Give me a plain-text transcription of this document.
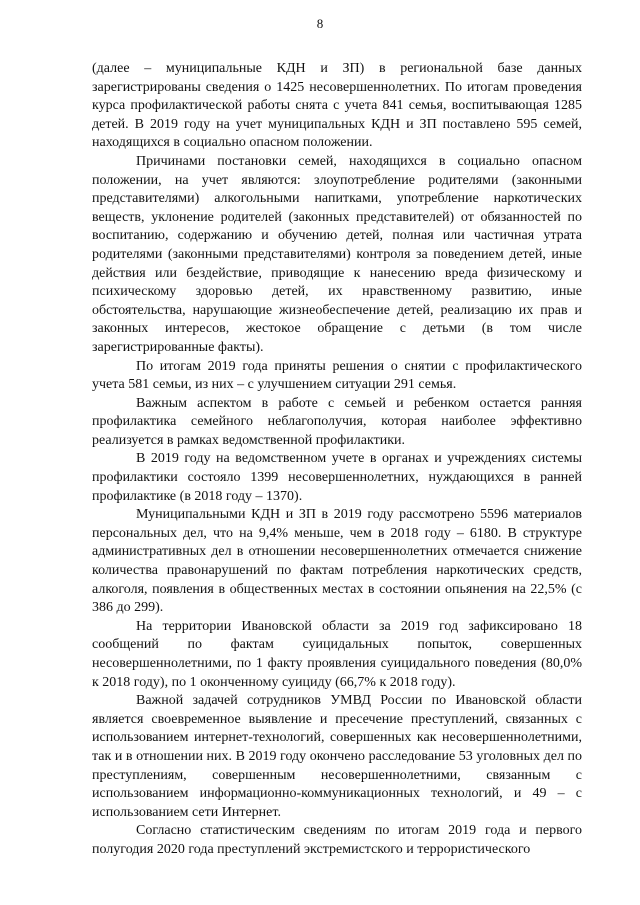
8

(далее – муниципальные КДН и ЗП) в региональной базе данных зарегистрированы сведения о 1425 несовершеннолетних. По итогам проведения курса профилактической работы снята с учета 841 семья, воспитывающая 1285 детей. В 2019 году на учет муниципальных КДН и ЗП поставлено 595 семей, находящихся в социально опасном положении.

Причинами постановки семей, находящихся в социально опасном положении, на учет являются: злоупотребление родителями (законными представителями) алкогольными напитками, употребление наркотических веществ, уклонение родителей (законных представителей) от обязанностей по воспитанию, содержанию и обучению детей, полная или частичная утрата родителями (законными представителями) контроля за поведением детей, иные действия или бездействие, приводящие к нанесению вреда физическому и психическому здоровью детей, их нравственному развитию, иные обстоятельства, нарушающие жизнеобеспечение детей, реализацию их прав и законных интересов, жестокое обращение с детьми (в том числе зарегистрированные факты).

По итогам 2019 года приняты решения о снятии с профилактического учета 581 семьи, из них – с улучшением ситуации 291 семья.

Важным аспектом в работе с семьей и ребенком остается ранняя профилактика семейного неблагополучия, которая наиболее эффективно реализуется в рамках ведомственной профилактики.

В 2019 году на ведомственном учете в органах и учреждениях системы профилактики состояло 1399 несовершеннолетних, нуждающихся в ранней профилактике (в 2018 году – 1370).

Муниципальными КДН и ЗП в 2019 году рассмотрено 5596 материалов персональных дел, что на 9,4% меньше, чем в 2018 году – 6180. В структуре административных дел в отношении несовершеннолетних отмечается снижение количества правонарушений по фактам потребления наркотических средств, алкоголя, появления в общественных местах в состоянии опьянения на 22,5% (с 386 до 299).

На территории Ивановской области за 2019 год зафиксировано 18 сообщений по фактам суицидальных попыток, совершенных несовершеннолетними, по 1 факту проявления суицидального поведения (80,0% к 2018 году), по 1 оконченному суициду (66,7% к 2018 году).

Важной задачей сотрудников УМВД России по Ивановской области является своевременное выявление и пресечение преступлений, связанных с использованием интернет-технологий, совершенных как несовершеннолетними, так и в отношении них. В 2019 году окончено расследование 53 уголовных дел по преступлениям, совершенным несовершеннолетними, связанным с использованием информационно-коммуникационных технологий, и 49 – с использованием сети Интернет.

Согласно статистическим сведениям по итогам 2019 года и первого полугодия 2020 года преступлений экстремистского и террористического
